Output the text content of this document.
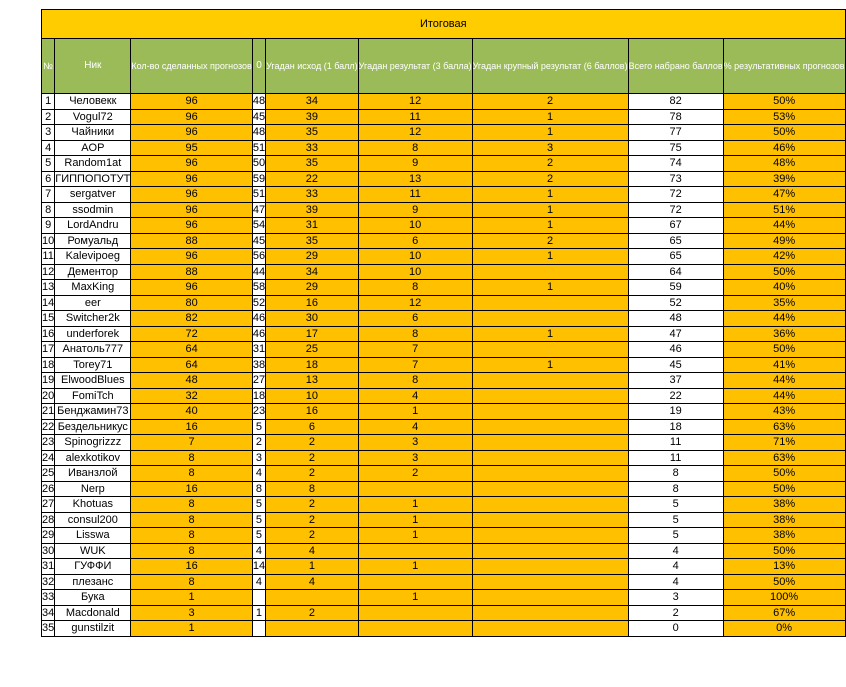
Итоговая								
№	Ник	Кол-во сделанных прогнозов	0	Угадан исход (1 балл)	Угадан результат (3 балла)	Угадан крупный результат (6 баллов)	Всего набрано баллов	% результативных прогнозов
1	Человекк	96	48	34	12	2	82	50%
2	Vogul72	96	45	39	11	1	78	53%
3	Чайники	96	48	35	12	1	77	50%
4	AOP	95	51	33	8	3	75	46%
5	Random1at	96	50	35	9	2	74	48%
6	ГИППОПОТУТ	96	59	22	13	2	73	39%
7	sergatver	96	51	33	11	1	72	47%
8	ssodmin	96	47	39	9	1	72	51%
9	LordAndru	96	54	31	10	1	67	44%
10	Ромуальд	88	45	35	6	2	65	49%
11	Kalevipoeg	96	56	29	10	1	65	42%
12	Дементор	88	44	34	10		64	50%
13	MaxKing	96	58	29	8	1	59	40%
14	eer	80	52	16	12		52	35%
15	Switcher2k	82	46	30	6		48	44%
16	underforek	72	46	17	8	1	47	36%
17	Анатоль777	64	31	25	7		46	50%
18	Torey71	64	38	18	7	1	45	41%
19	ElwoodBlues	48	27	13	8		37	44%
20	FomiTch	32	18	10	4		22	44%
21	Бенджамин73	40	23	16	1		19	43%
22	Бездельникус	16	5	6	4		18	63%
23	Spinogrizzz	7	2	2	3		11	71%
24	alexkotikov	8	3	2	3		11	63%
25	Иванзлой	8	4	2	2		8	50%
26	Nerp	16	8	8			8	50%
27	Khotuas	8	5	2	1		5	38%
28	consul200	8	5	2	1		5	38%
29	Lisswa	8	5	2	1		5	38%
30	WUK	8	4	4			4	50%
31	ГУФФИ	16	14	1	1		4	13%
32	плезанс	8	4	4			4	50%
33	Бука	1			1		3	100%
34	Macdonald	3	1	2			2	67%
35	gunstilzit	1					0	0%
